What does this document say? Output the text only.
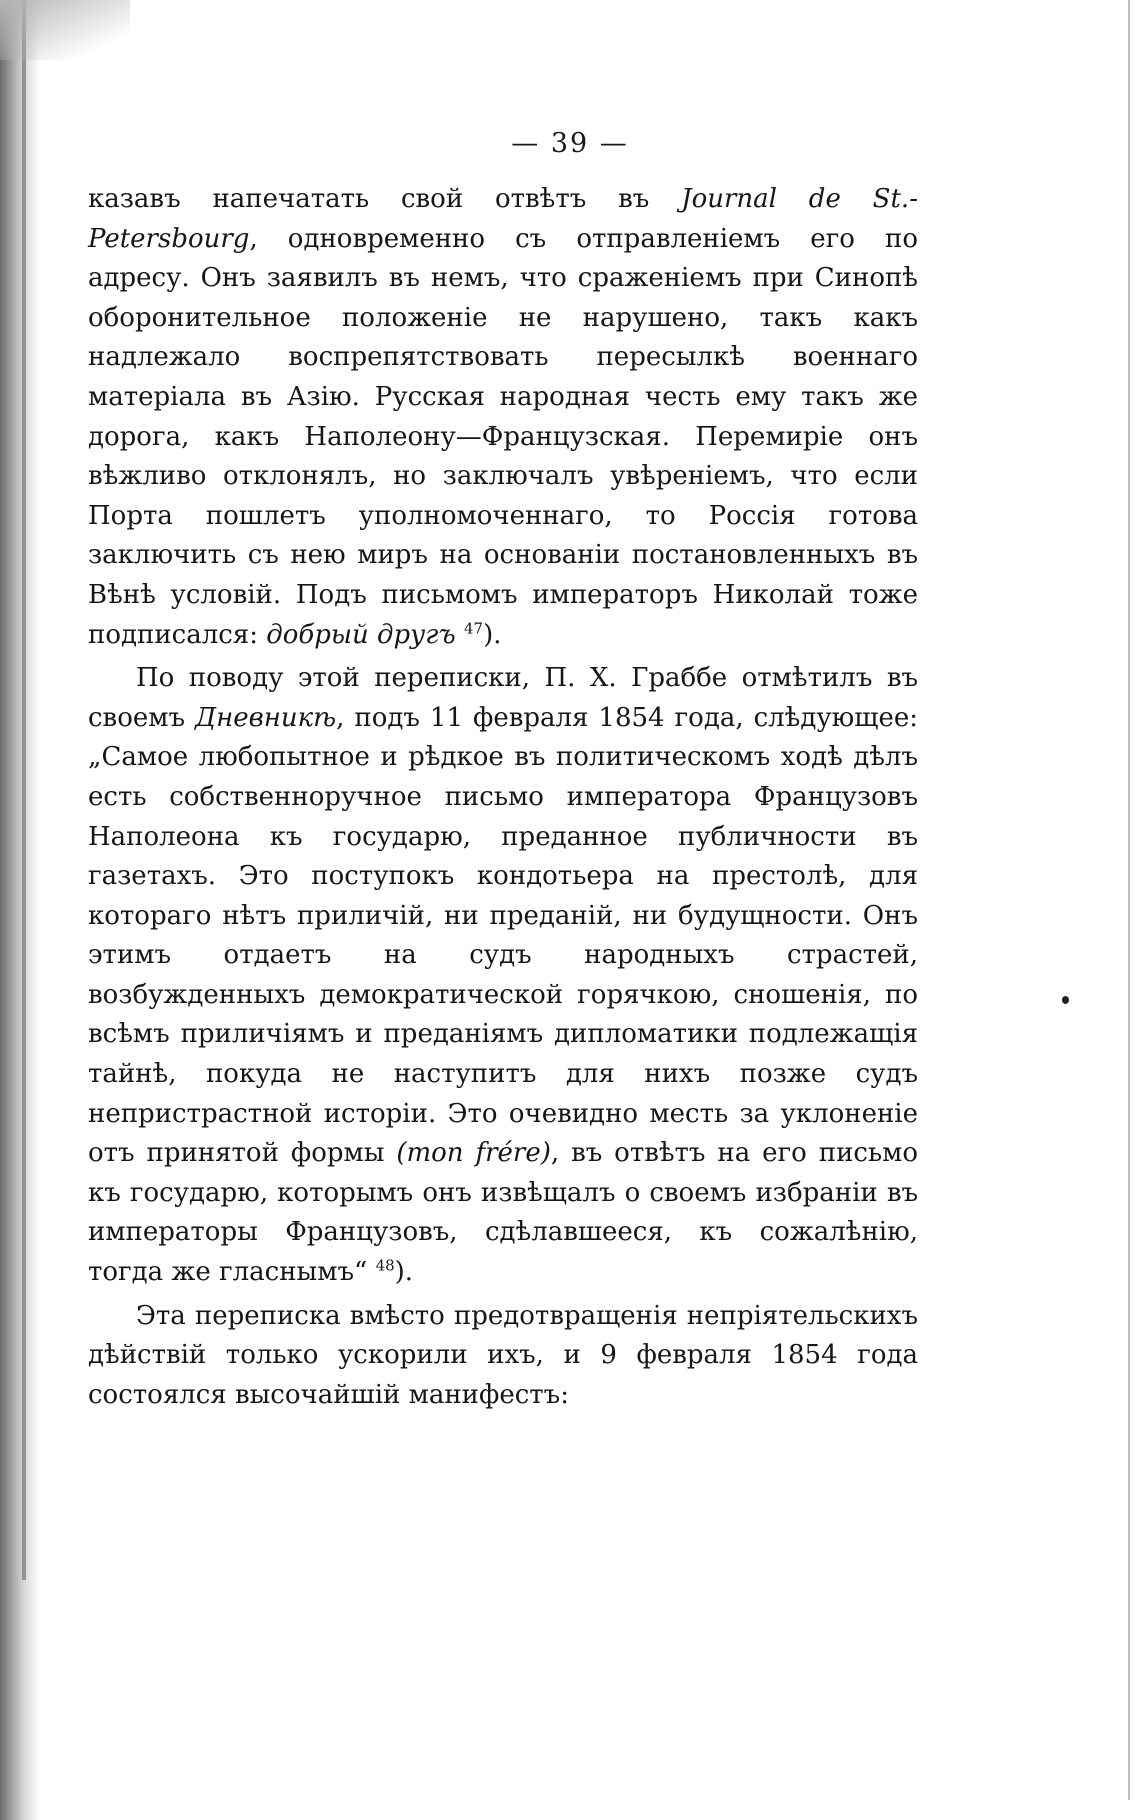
— 39 —

казавъ напечатать свой отвѣтъ въ Journal de St.-Petersbourg, одновременно съ отправленіемъ его по адресу. Онъ заявилъ въ немъ, что сраженіемъ при Синопѣ оборонительное положеніе не нарушено, такъ какъ надлежало воспрепятствовать пересылкѣ военнаго матеріала въ Азію. Русская народная честь ему такъ же дорога, какъ Наполеону—Французская. Перемиріе онъ вѣжливо отклонялъ, но заключалъ увѣреніемъ, что если Порта пошлетъ уполномоченнаго, то Россія готова заключить съ нею миръ на основаніи постановленныхъ въ Вѣнѣ условій. Подъ письмомъ императоръ Николай тоже подписался: добрый другъ $^{47}$).

По поводу этой переписки, П. Х. Граббе отмѣтилъ въ своемъ Дневникѣ, подъ 11 февраля 1854 года, слѣдующее: „Самое любопытное и рѣдкое въ политическомъ ходѣ дѣлъ есть собственноручное письмо императора Французовъ Наполеона къ государю, преданное публичности въ газетахъ. Это поступокъ кондотьера на престолѣ, для котораго нѣтъ приличій, ни преданій, ни будущности. Онъ этимъ отдаетъ на судъ народныхъ страстей, возбужденныхъ демократической горячкою, сношенія, по всѣмъ приличіямъ и преданіямъ дипломатики подлежащія тайнѣ, покуда не наступитъ для нихъ позже судъ непристрастной исторіи. Это очевидно месть за уклоненіе отъ принятой формы (mon frére), въ отвѣтъ на его письмо къ государю, которымъ онъ извѣщалъ о своемъ избраніи въ императоры Французовъ, сдѣлавшееся, къ сожалѣнію, тогда же гласнымъ“ $^{48}$).

Эта переписка вмѣсто предотвращенія непріятельскихъ дѣйствій только ускорили ихъ, и 9 февраля 1854 года состоялся высочайшій манифестъ:
